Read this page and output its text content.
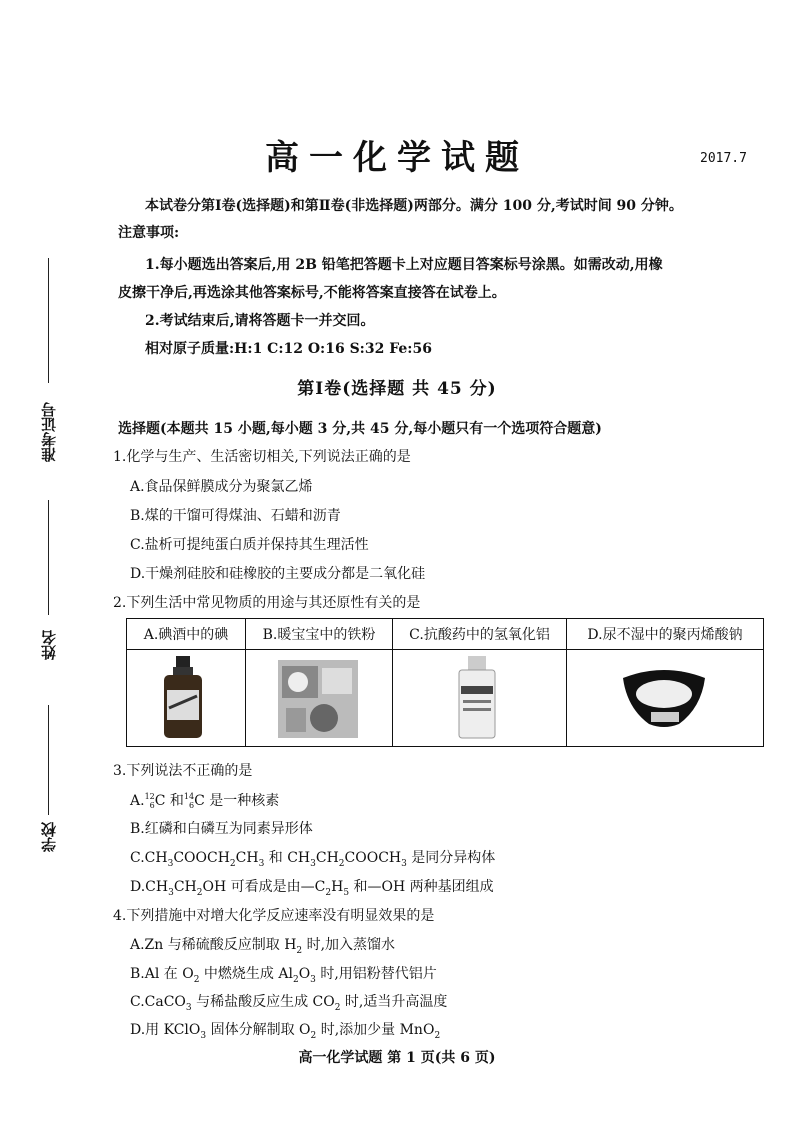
高一化学试题	2017.7
本试卷分第Ⅰ卷(选择题)和第Ⅱ卷(非选择题)两部分。满分 100 分,考试时间 90 分钟。
注意事项:
1.每小题选出答案后,用 2B 铅笔把答题卡上对应题目答案标号涂黑。如需改动,用橡
皮擦干净后,再选涂其他答案标号,不能将答案直接答在试卷上。
2.考试结束后,请将答题卡一并交回。
相对原子质量:H:1 C:12 O:16 S:32 Fe:56
第Ⅰ卷(选择题 共 45 分)
选择题(本题共 15 小题,每小题 3 分,共 45 分,每小题只有一个选项符合题意)
准考证号
姓名
学校
1.化学与生产、生活密切相关,下列说法正确的是
A.食品保鲜膜成分为聚氯乙烯
B.煤的干馏可得煤油、石蜡和沥青
C.盐析可提纯蛋白质并保持其生理活性
D.干燥剂硅胶和硅橡胶的主要成分都是二氧化硅
2.下列生活中常见物质的用途与其还原性有关的是
A.碘酒中的碘	B.暖宝宝中的铁粉	C.抗酸药中的氢氧化铝	D.尿不湿中的聚丙烯酸钠

3.下列说法不正确的是
A.12
6C 和14
6C 是一种核素
B.红磷和白磷互为同素异形体
$C.CH_3COOCH_2CH_3$ 和 $CH_3CH_2COOCH_3$ 是同分异构体
$D.CH_3CH_2OH$ 可看成是由$—C_2H_5$ 和—OH 两种基团组成
4.下列措施中对增大化学反应速率没有明显效果的是
A.Zn 与稀硫酸反应制取 $H_2$ 时,加入蒸馏水
B.Al 在 $O_2$ 中燃烧生成 $Al_2O_3$ 时,用铝粉替代铝片
C.CaCO$_3$ 与稀盐酸反应生成 $CO_2$ 时,适当升高温度
D.用 KClO$_3$ 固体分解制取 $O_2$ 时,添加少量 MnO$_2$
高一化学试题 第 1 页(共 6 页)
